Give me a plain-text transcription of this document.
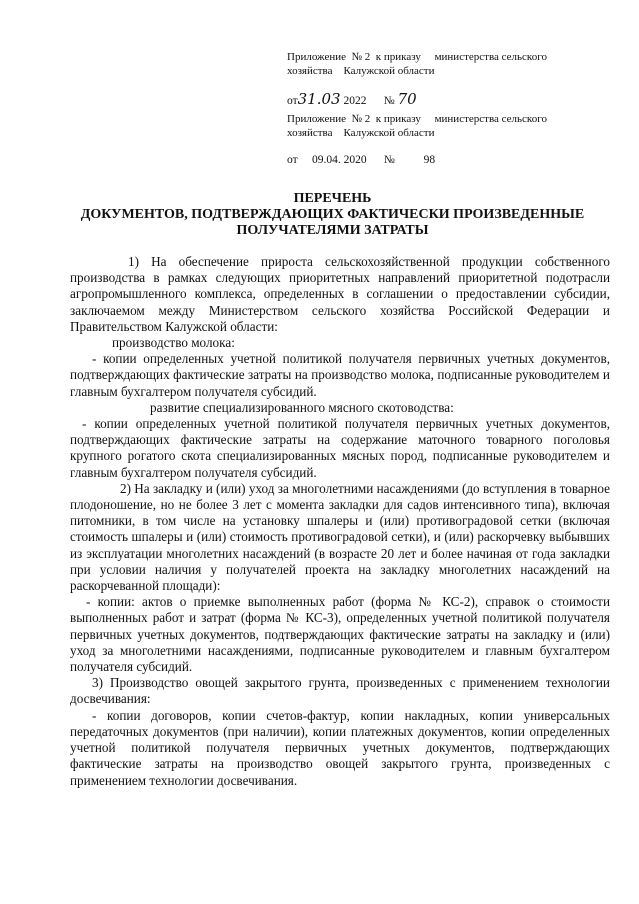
Приложение  № 2  к приказу     министерства сельского
хозяйства    Калужской области
от31.03 2022 № 70
Приложение  № 2  к приказу     министерства сельского
хозяйства    Калужской области
от 09.04. 2020 №	98
ПЕРЕЧЕНЬ
ДОКУМЕНТОВ, ПОДТВЕРЖДАЮЩИХ ФАКТИЧЕСКИ ПРОИЗВЕДЕННЫЕ
ПОЛУЧАТЕЛЯМИ ЗАТРАТЫ

1) На обеспечение прироста сельскохозяйственной продукции собственного производства в рамках следующих приоритетных направлений приоритетной подотрасли агропромышленного комплекса, определенных в соглашении о предоставлении субсидии, заключаемом между Министерством сельского хозяйства Российской Федерации и Правительством Калужской области:

производство молока:

- копии определенных учетной политикой получателя первичных учетных документов, подтверждающих фактические затраты на производство молока, подписанные руководителем и главным бухгалтером получателя субсидий.

развитие специализированного мясного скотоводства:

- копии определенных учетной политикой получателя первичных учетных документов, подтверждающих фактические затраты на содержание маточного товарного поголовья крупного рогатого скота специализированных мясных пород, подписанные руководителем и главным бухгалтером получателя субсидий.

2) На закладку и (или) уход за многолетними насаждениями (до вступления в товарное плодоношение, но не более 3 лет с момента закладки для садов интенсивного типа), включая питомники, в том числе на установку шпалеры и (или) противоградовой сетки (включая стоимость шпалеры и (или) стоимость противоградовой сетки), и (или) раскорчевку выбывших из эксплуатации многолетних насаждений (в возрасте 20 лет и более начиная от года закладки при условии наличия у получателей проекта на закладку многолетних насаждений на раскорчеванной площади):

- копии: актов о приемке выполненных работ (форма № КС-2), справок о стоимости выполненных работ и затрат (форма № КС-3), определенных учетной политикой получателя первичных учетных документов, подтверждающих фактические затраты на закладку и (или) уход за многолетними насаждениями, подписанные руководителем и главным бухгалтером получателя субсидий.

3) Производство овощей закрытого грунта, произведенных с применением технологии досвечивания:

- копии договоров, копии счетов-фактур, копии накладных, копии универсальных передаточных документов (при наличии), копии платежных документов, копии определенных учетной политикой получателя первичных учетных документов, подтверждающих фактические затраты на производство овощей закрытого грунта, произведенных с применением технологии досвечивания.
